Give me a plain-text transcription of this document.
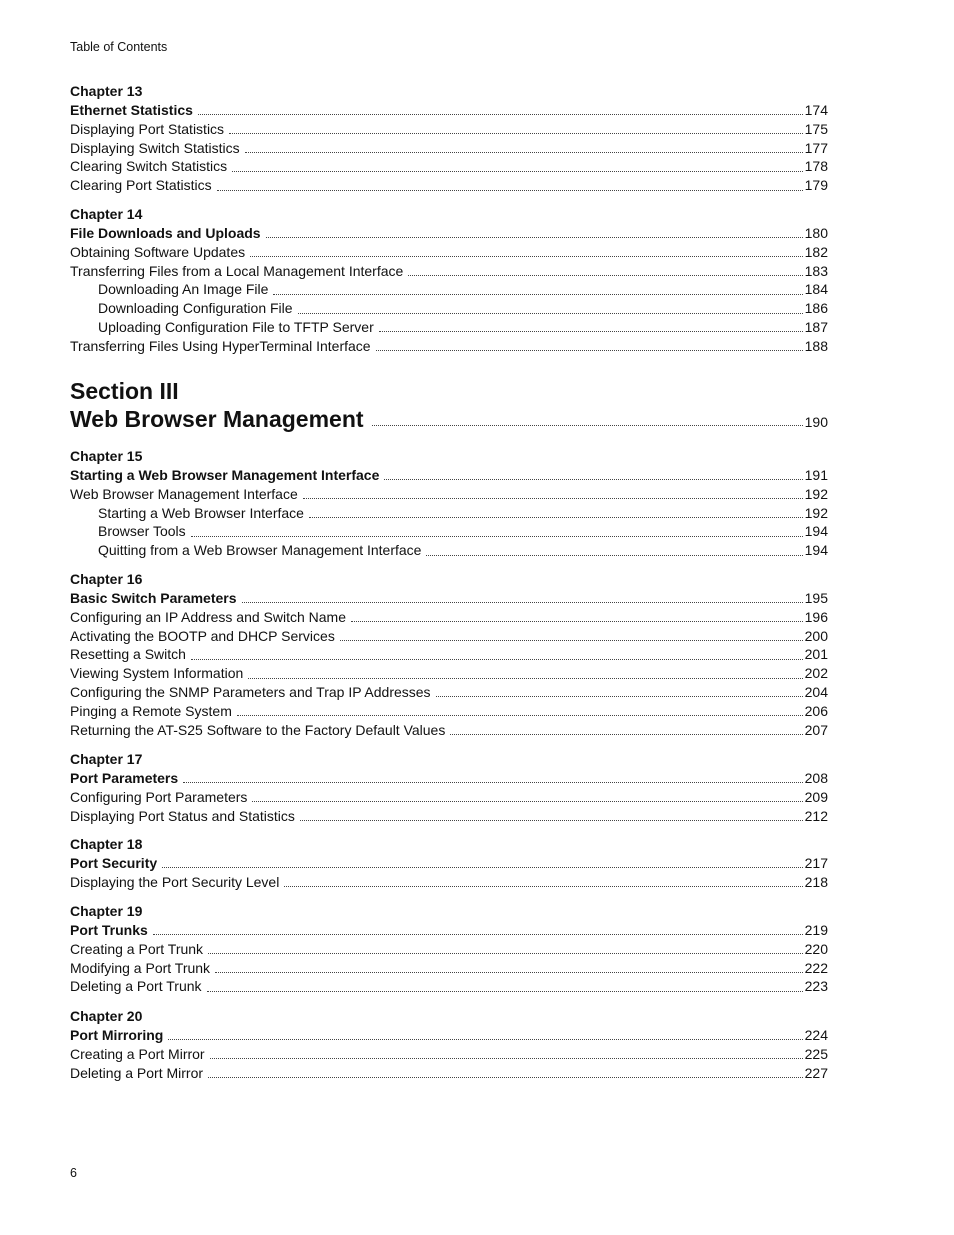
Table of Contents
Chapter 13
Ethernet Statistics	174
Displaying Port Statistics	175
Displaying Switch Statistics	177
Clearing Switch Statistics	178
Clearing Port Statistics	179
Chapter 14
File Downloads and Uploads	180
Obtaining Software Updates	182
Transferring Files from a Local Management Interface	183
Downloading An Image File	184
Downloading Configuration File	186
Uploading Configuration File to TFTP Server	187
Transferring Files Using HyperTerminal Interface	188
Section III
Web Browser Management	190
Chapter 15
Starting a Web Browser Management Interface	191
Web Browser Management Interface	192
Starting a Web Browser Interface	192
Browser Tools	194
Quitting from a Web Browser Management Interface	194
Chapter 16
Basic Switch Parameters	195
Configuring an IP Address and Switch Name	196
Activating the BOOTP and DHCP Services	200
Resetting a Switch	201
Viewing System Information	202
Configuring the SNMP Parameters and Trap IP Addresses	204
Pinging a Remote System	206
Returning the AT-S25 Software to the Factory Default Values	207
Chapter 17
Port Parameters	208
Configuring Port Parameters	209
Displaying Port Status and Statistics	212
Chapter 18
Port Security	217
Displaying the Port Security Level	218
Chapter 19
Port Trunks	219
Creating a Port Trunk	220
Modifying a Port Trunk	222
Deleting a Port Trunk	223
Chapter 20
Port Mirroring	224
Creating a Port Mirror	225
Deleting a Port Mirror	227
6
